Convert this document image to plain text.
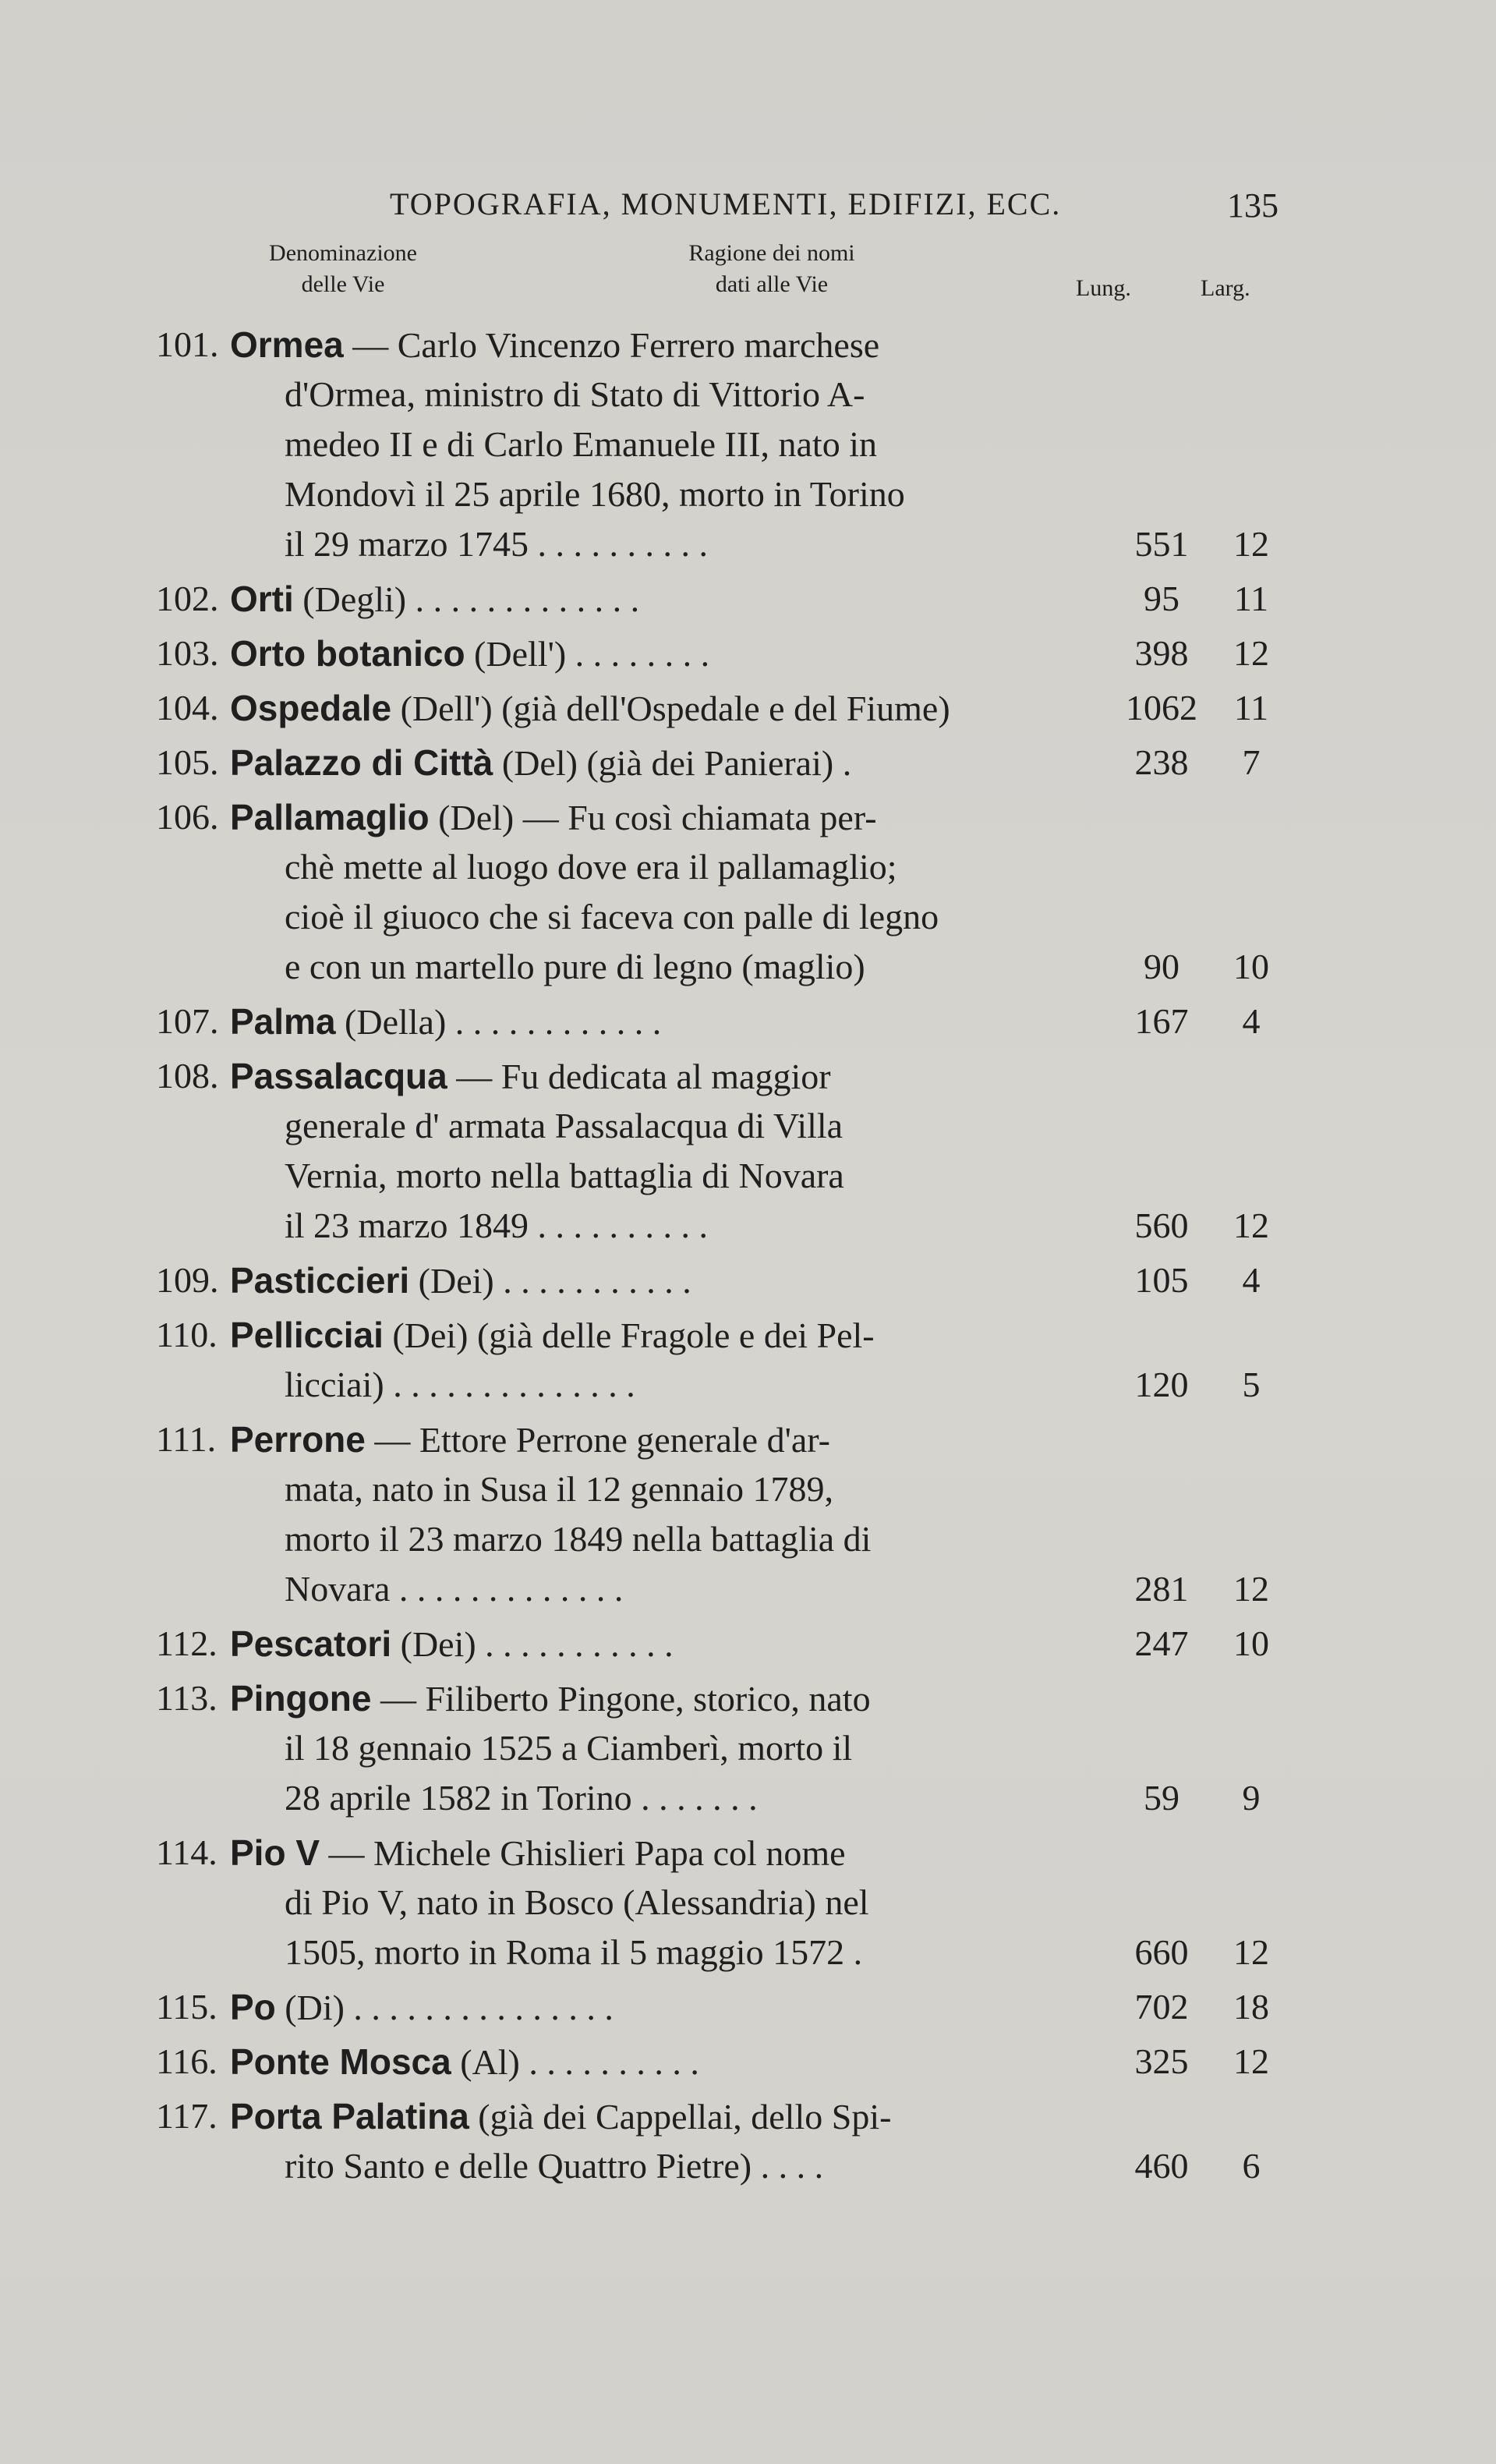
TOPOGRAFIA, MONUMENTI, EDIFIZI, ECC.	135
Denominazione
delle Vie
Ragione dei nomi
dati alle Vie	Lung.	Larg.
101. Ormea — Carlo Vincenzo Ferrero marchese
d'Ormea, ministro di Stato di Vittorio A-
medeo II e di Carlo Emanuele III, nato in
Mondovì il 25 aprile 1680, morto in Torino
il 29 marzo 1745 . . . . . . . . . .	551	12
102. Orti (Degli) . . . . . . . . . . . . .	95	11
103. Orto botanico (Dell') . . . . . . . .	398	12
104. Ospedale (Dell') (già dell'Ospedale e del Fiume)	1062	11
105. Palazzo di Città (Del) (già dei Panierai) .	238	7
106. Pallamaglio (Del) — Fu così chiamata per-
chè mette al luogo dove era il pallamaglio;
cioè il giuoco che si faceva con palle di legno
e con un martello pure di legno (maglio)	90	10
107. Palma (Della) . . . . . . . . . . . .	167	4
108. Passalacqua — Fu dedicata al maggior
generale d' armata Passalacqua di Villa
Vernia, morto nella battaglia di Novara
il 23 marzo 1849 . . . . . . . . . .	560	12
109. Pasticcieri (Dei) . . . . . . . . . . .	105	4
110. Pellicciai (Dei) (già delle Fragole e dei Pel-
licciai) . . . . . . . . . . . . . .	120	5
111. Perrone — Ettore Perrone generale d'ar-
mata, nato in Susa il 12 gennaio 1789,
morto il 23 marzo 1849 nella battaglia di
Novara . . . . . . . . . . . . .	281	12
112. Pescatori (Dei) . . . . . . . . . . .	247	10
113. Pingone — Filiberto Pingone, storico, nato
il 18 gennaio 1525 a Ciamberì, morto il
28 aprile 1582 in Torino . . . . . . .	59	9
114. Pio V — Michele Ghislieri Papa col nome
di Pio V, nato in Bosco (Alessandria) nel
1505, morto in Roma il 5 maggio 1572 .	660	12
115. Po (Di) . . . . . . . . . . . . . . .	702	18
116. Ponte Mosca (Al) . . . . . . . . . .	325	12
117. Porta Palatina (già dei Cappellai, dello Spi-
rito Santo e delle Quattro Pietre) . . . .	460	6
